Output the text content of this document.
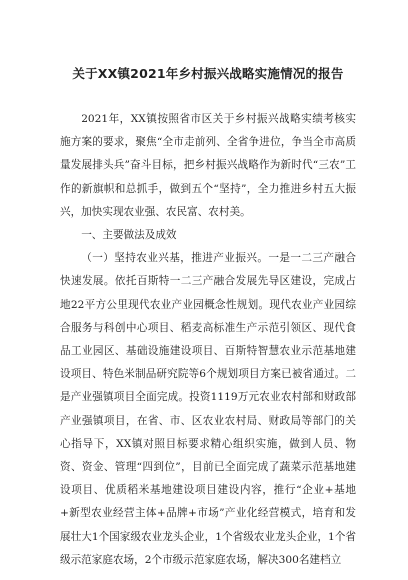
关于XX镇2021年乡村振兴战略实施情况的报告

2021年，XX镇按照省市区关于乡村振兴战略实绩考核实施方案的要求，聚焦“全市走前列、全省争进位，争当全市高质量发展排头兵”奋斗目标，把乡村振兴战略作为新时代“三农”工作的新旗帜和总抓手，做到五个“坚持”，全力推进乡村五大振兴，加快实现农业强、农民富、农村美。

一、主要做法及成效

（一）坚持农业兴基，推进产业振兴。一是一二三产融合快速发展。依托百斯特一二三产融合发展先导区建设，完成占地22平方公里现代农业产业园概念性规划。现代农业产业园综合服务与科创中心项目、稻麦高标准生产示范引领区、现代食品工业园区、基础设施建设项目、百斯特智慧农业示范基地建设项目、特色米制品研究院等6个规划项目方案已被省通过。二是产业强镇项目全面完成。投资1119万元农业农村部和财政部产业强镇项目，在省、市、区农业农村局、财政局等部门的关心指导下，XX镇对照目标要求精心组织实施，做到人员、物资、资金、管理“四到位”，目前已全面完成了蔬菜示范基地建设项目、优质稻米基地建设项目建设内容，推行“企业+基地+新型农业经营主体+品牌+市场”产业化经营模式，培育和发展壮大1个国家级农业龙头企业，1个省级农业龙头企业，1个省级示范家庭农场，2个市级示范家庭农场，解决300名建档立
